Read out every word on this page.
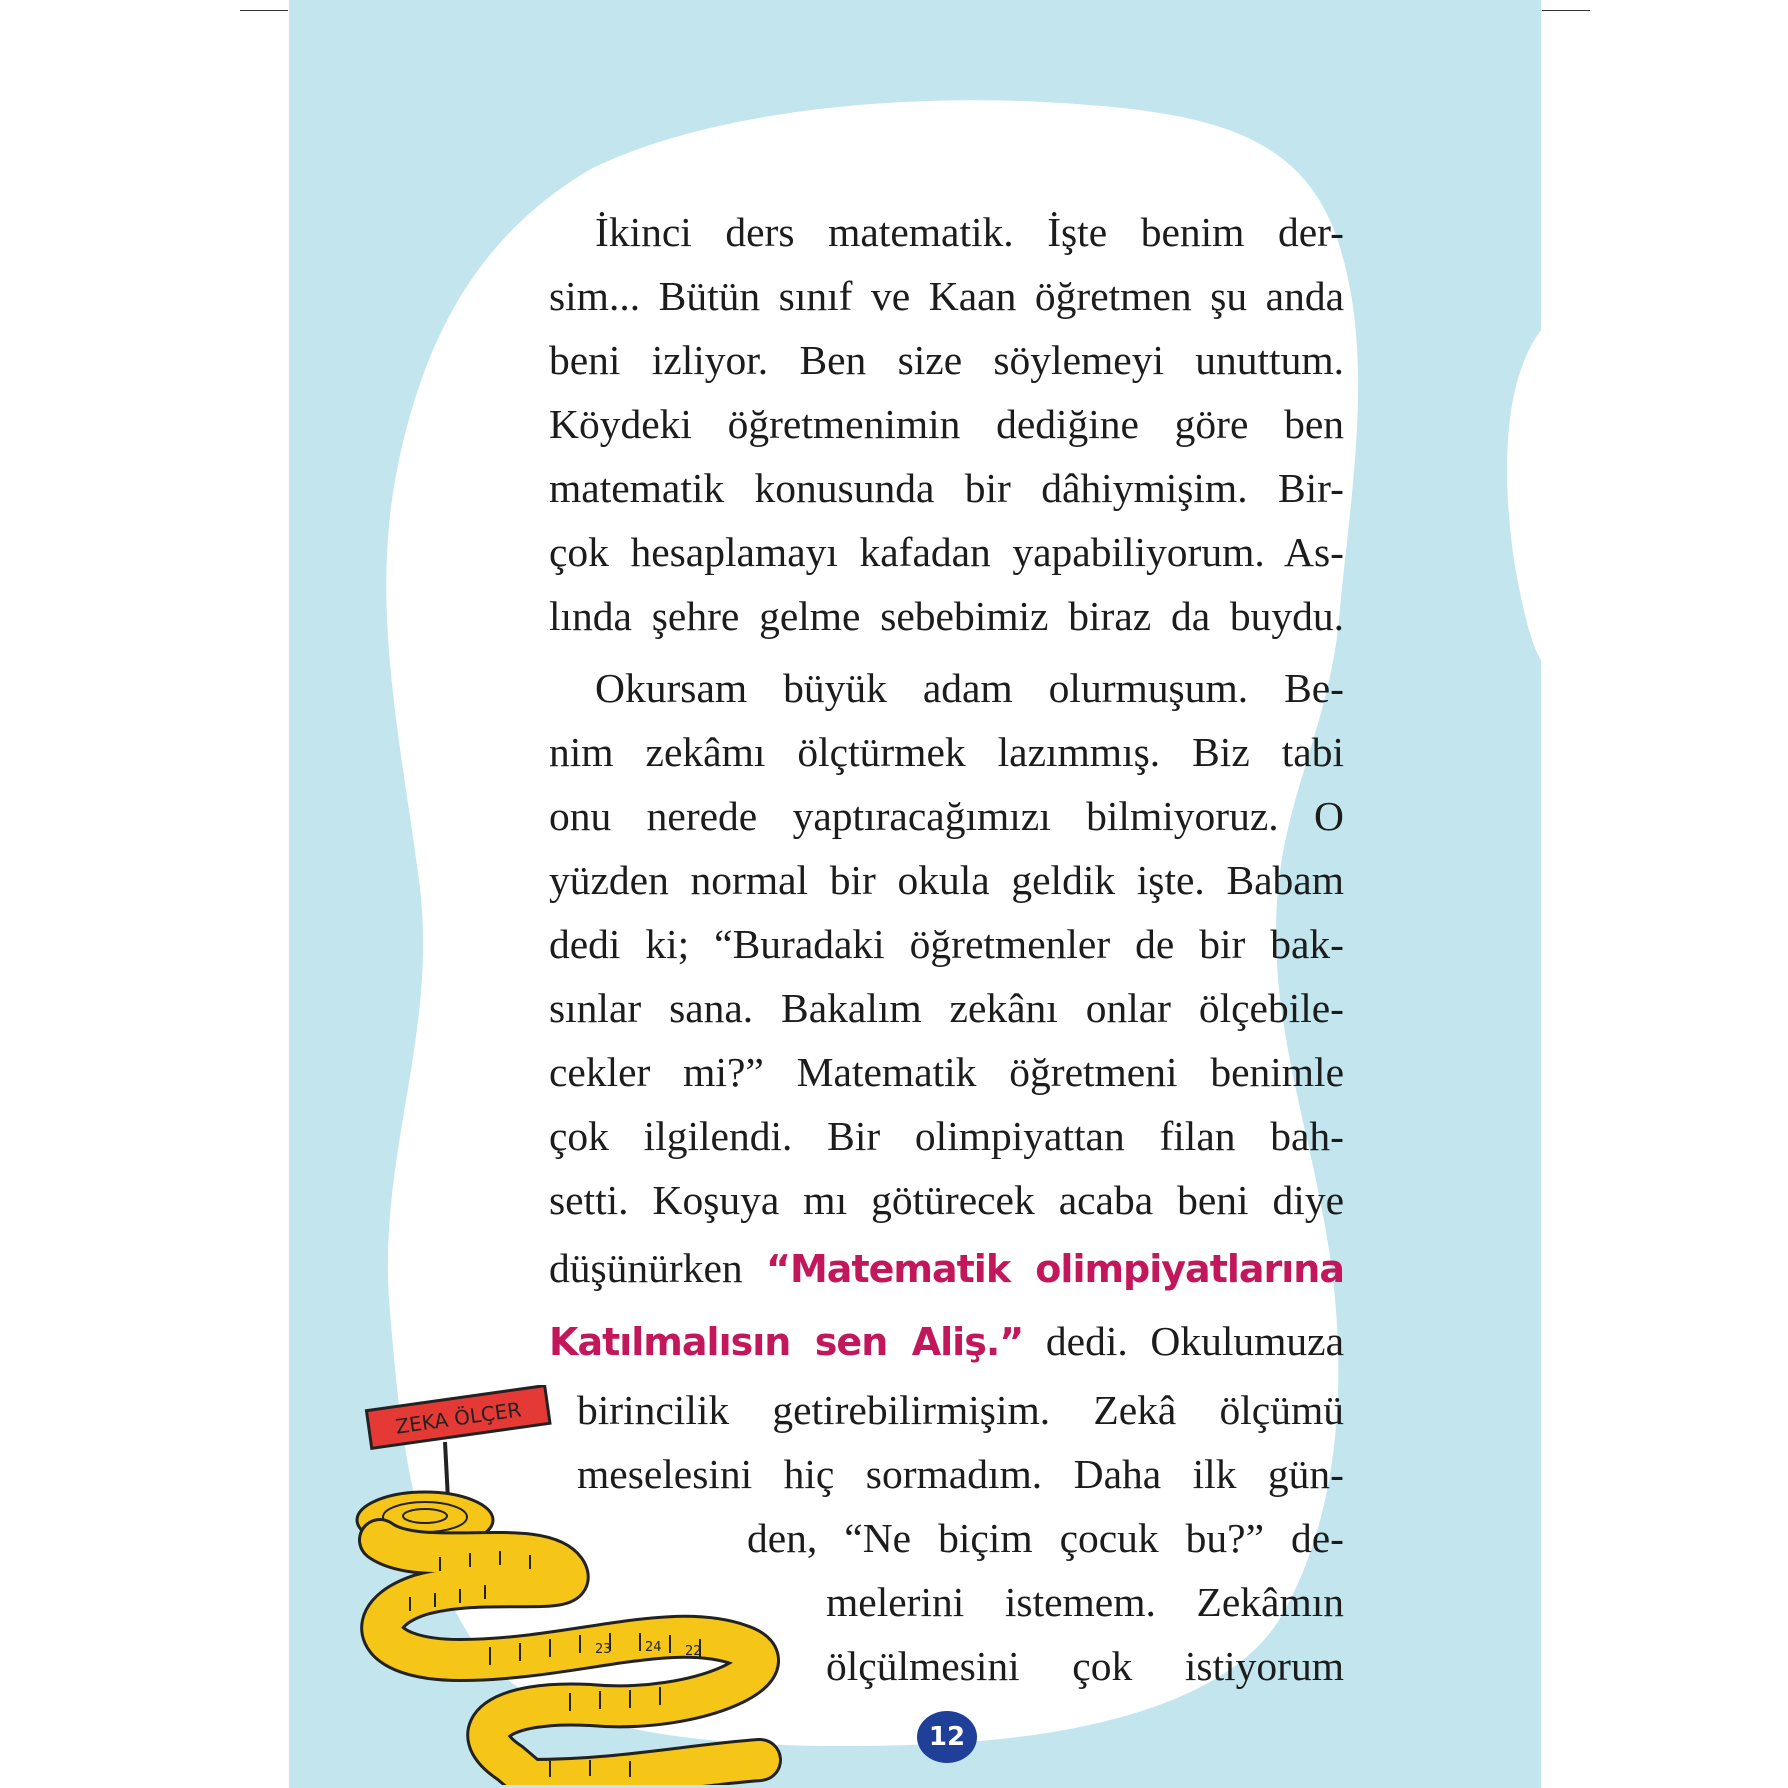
İkinci ders matematik. İşte benim der-
sim... Bütün sınıf ve Kaan öğretmen şu anda
beni izliyor. Ben size söylemeyi unuttum.
Köydeki öğretmenimin dediğine göre ben
matematik konusunda bir dâhiymişim. Bir-
çok hesaplamayı kafadan yapabiliyorum. As-
lında şehre gelme sebebimiz biraz da buydu.
Okursam büyük adam olurmuşum. Be-
nim zekâmı ölçtürmek lazımmış. Biz tabi
onu nerede yaptıracağımızı bilmiyoruz. O
yüzden normal bir okula geldik işte. Babam
dedi ki; “Buradaki öğretmenler de bir bak-
sınlar sana. Bakalım zekânı onlar ölçebile-
cekler mi?” Matematik öğretmeni benimle
çok ilgilendi. Bir olimpiyattan filan bah-
setti. Koşuya mı götürecek acaba beni diye
düşünürken “Matematik olimpiyatlarına
Katılmalısın sen Aliş.” dedi. Okulumuza
birincilik getirebilirmişim. Zekâ ölçümü
meselesini hiç sormadım. Daha ilk gün-
den, “Ne biçim çocuk bu?” de-
melerini istemem. Zekâmın
ölçülmesini çok istiyorum
ZEKA ÖLÇER
23	24 22
12
